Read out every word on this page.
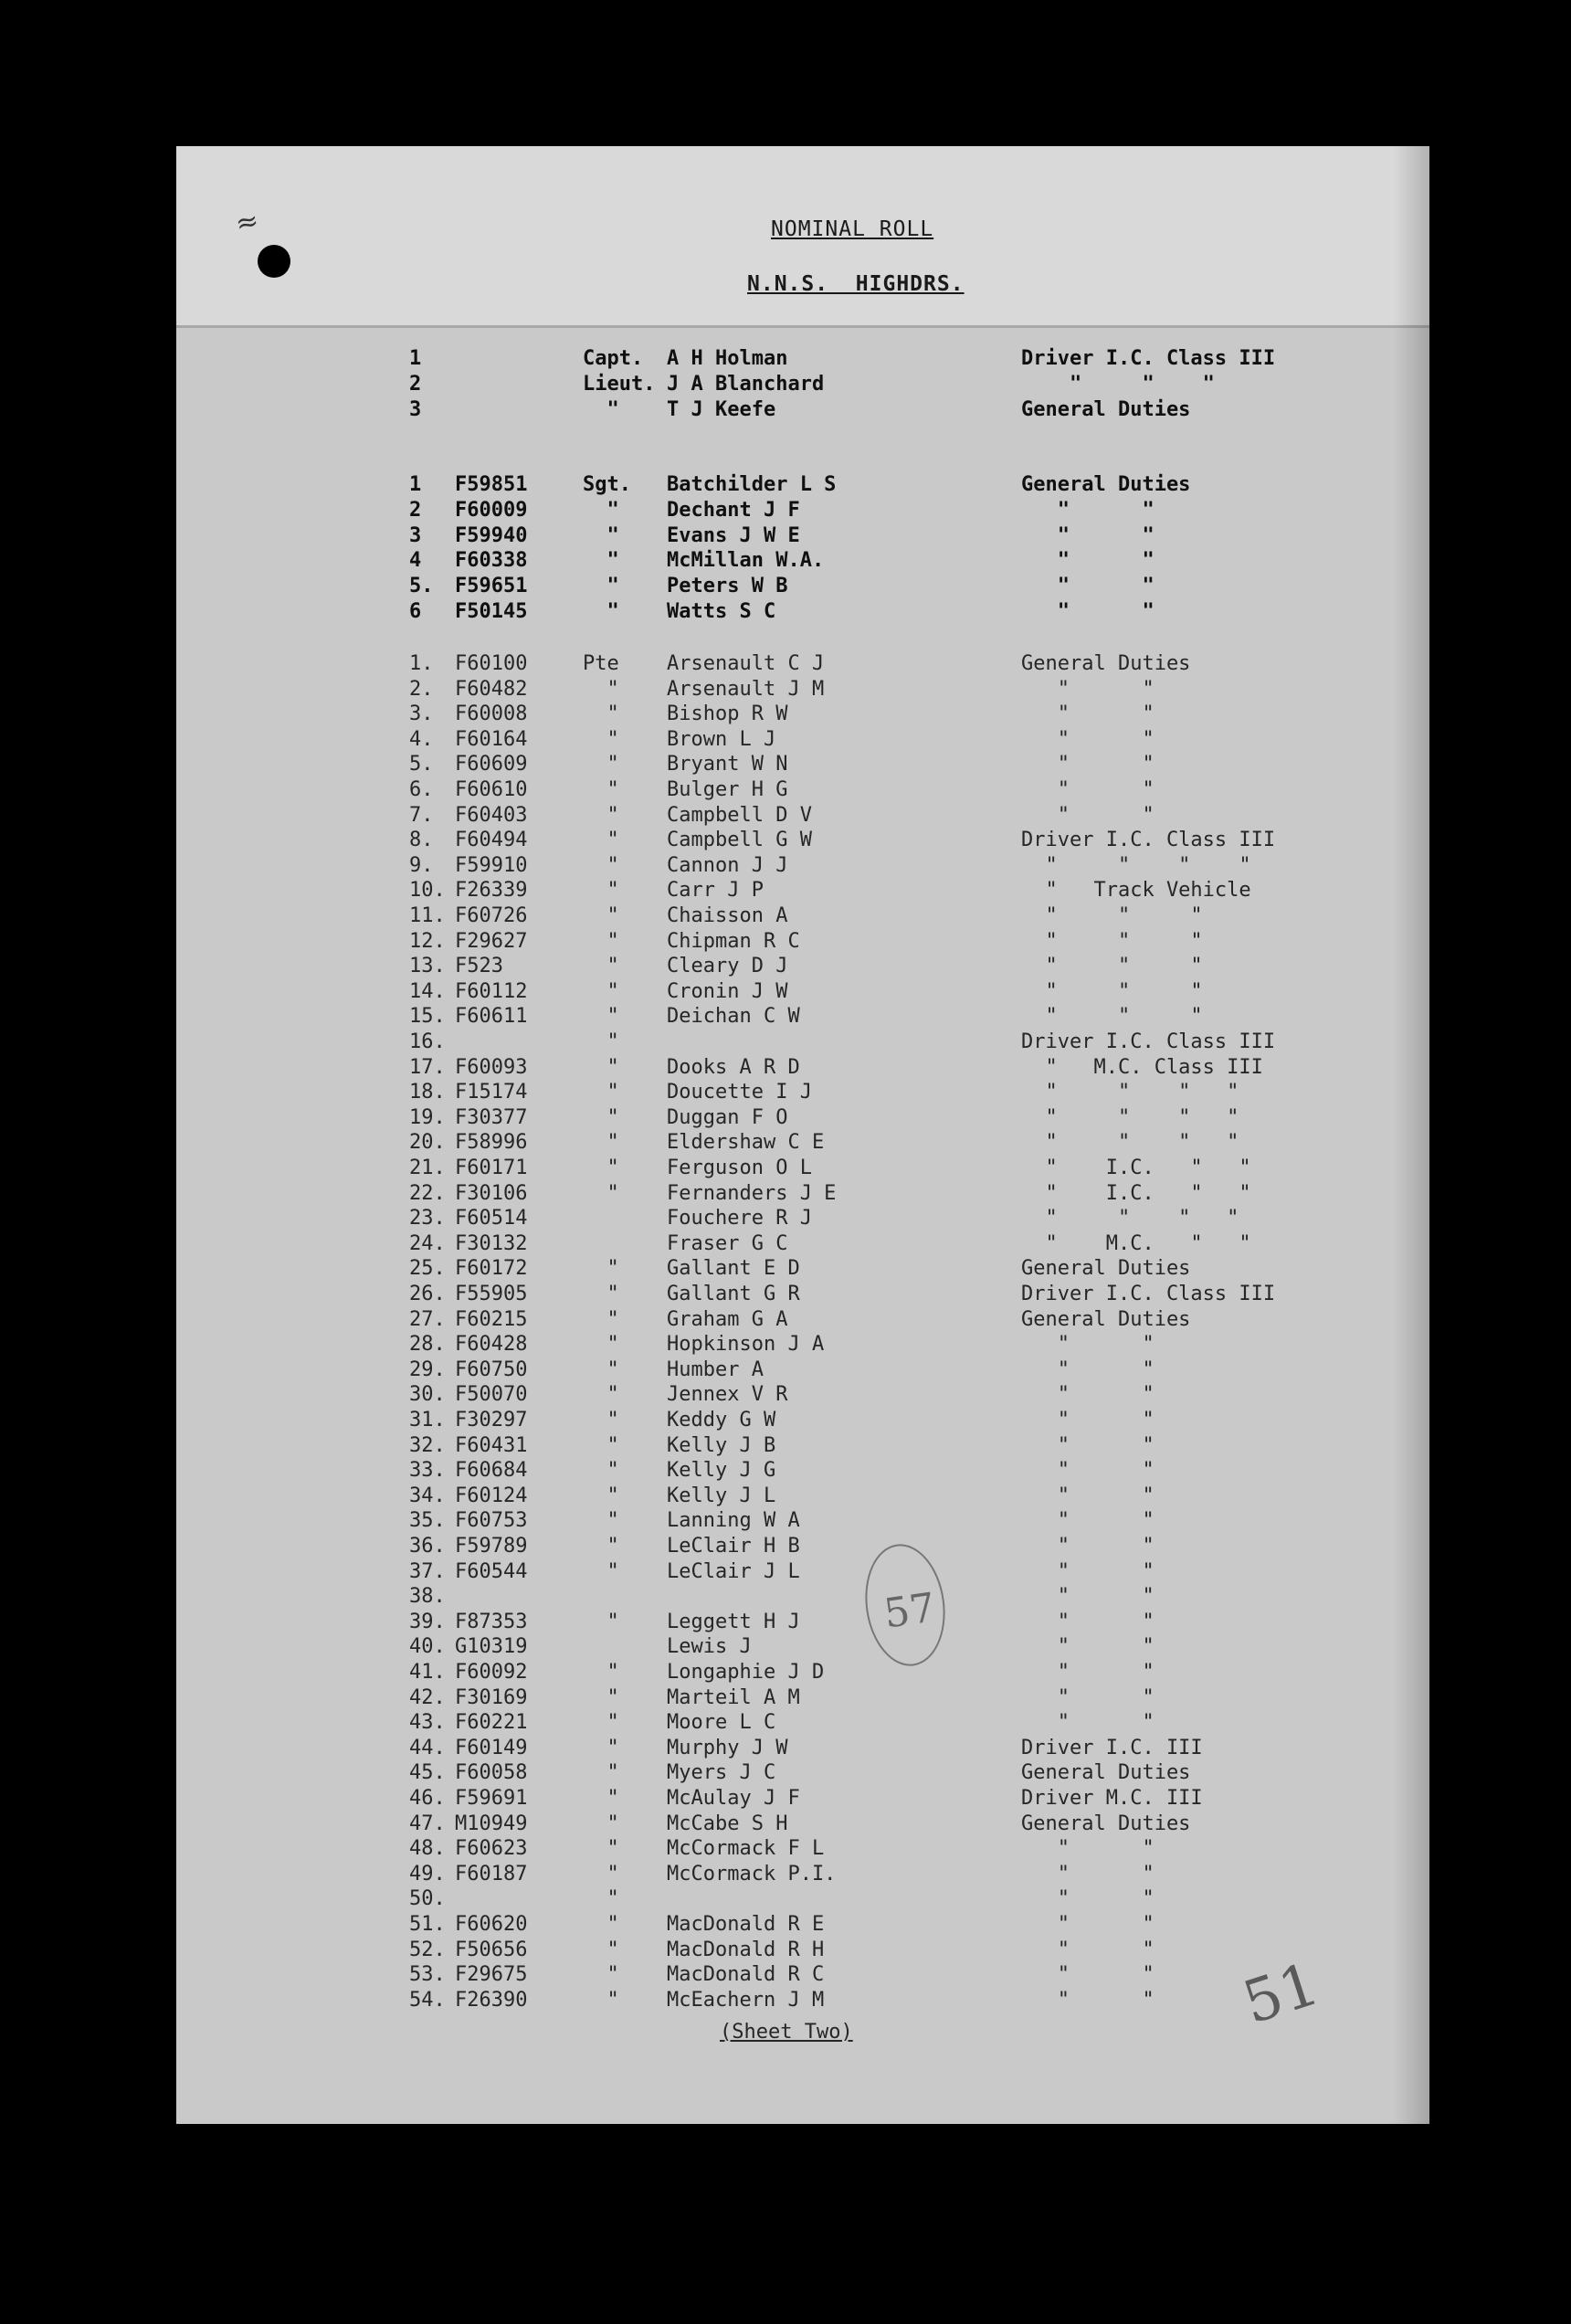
≈	NOMINAL ROLL
N.N.S.  HIGHDRS.
1	Capt. A H Holman	Driver I.C. Class III
2	Lieut. J A Blanchard	"     "    "
3	" T J Keefe	General Duties
1 F59851	Sgt. Batchilder L S	General Duties
2 F60009	" Dechant J F	"      "
3 F59940	" Evans J W E	"      "
4 F60338	" McMillan W.A.	"      "
5. F59651	" Peters W B	"      "
6 F50145	" Watts S C	"      "
1. F60100	Pte Arsenault C J	General Duties
2. F60482	" Arsenault J M	"      "
3. F60008	" Bishop R W	"      "
4. F60164	" Brown L J	"      "
5. F60609	" Bryant W N	"      "
6. F60610	" Bulger H G	"      "
7. F60403	" Campbell D V	"      "
8. F60494	" Campbell G W	Driver I.C. Class III
9. F59910	" Cannon J J	"     "    "    "
10. F26339	" Carr J P	"   Track Vehicle
11. F60726	" Chaisson A	"     "     "
12. F29627	" Chipman R C	"     "     "
13. F523	" Cleary D J	"     "     "
14. F60112	" Cronin J W	"     "     "
15. F60611	" Deichan C W	"     "     "
16.	"	Driver I.C. Class III
17. F60093	" Dooks A R D	"   M.C. Class III
18. F15174	" Doucette I J	"     "    "   "
19. F30377	" Duggan F O	"     "    "   "
20. F58996	" Eldershaw C E	"     "    "   "
21. F60171	" Ferguson O L	"    I.C.   "   "
22. F30106	" Fernanders J E	"    I.C.   "   "
23. F60514	Fouchere R J	"     "    "   "
24. F30132	Fraser G C	"    M.C.   "   "
25. F60172	" Gallant E D	General Duties
26. F55905	" Gallant G R	Driver I.C. Class III
27. F60215	" Graham G A	General Duties
28. F60428	" Hopkinson J A	"      "
29. F60750	" Humber A	"      "
30. F50070	" Jennex V R	"      "
31. F30297	" Keddy G W	"      "
32. F60431	" Kelly J B	"      "
33. F60684	" Kelly J G	"      "
34. F60124	" Kelly J L	"      "
35. F60753	" Lanning W A	"      "
36. F59789	" LeClair H B	"      "
37. F60544	" LeClair J L	"      "
38.	"      "
39. F87353	" Leggett H J	"      "
40. G10319	Lewis J	"      "
41. F60092	" Longaphie J D	"      "
42. F30169	" Marteil A M	"      "
43. F60221	" Moore L C	"      "
44. F60149	" Murphy J W	Driver I.C. III
45. F60058	" Myers J C	General Duties
46. F59691	" McAulay J F	Driver M.C. III
47. M10949	" McCabe S H	General Duties
48. F60623	" McCormack F L	"      "
49. F60187	" McCormack P.I.	"      "
50.	"	"      "
51. F60620	" MacDonald R E	"      "
52. F50656	" MacDonald R H	"      "
53. F29675	" MacDonald R C	"      "
54. F26390	" McEachern J M	"      "
57
51
(Sheet Two)
